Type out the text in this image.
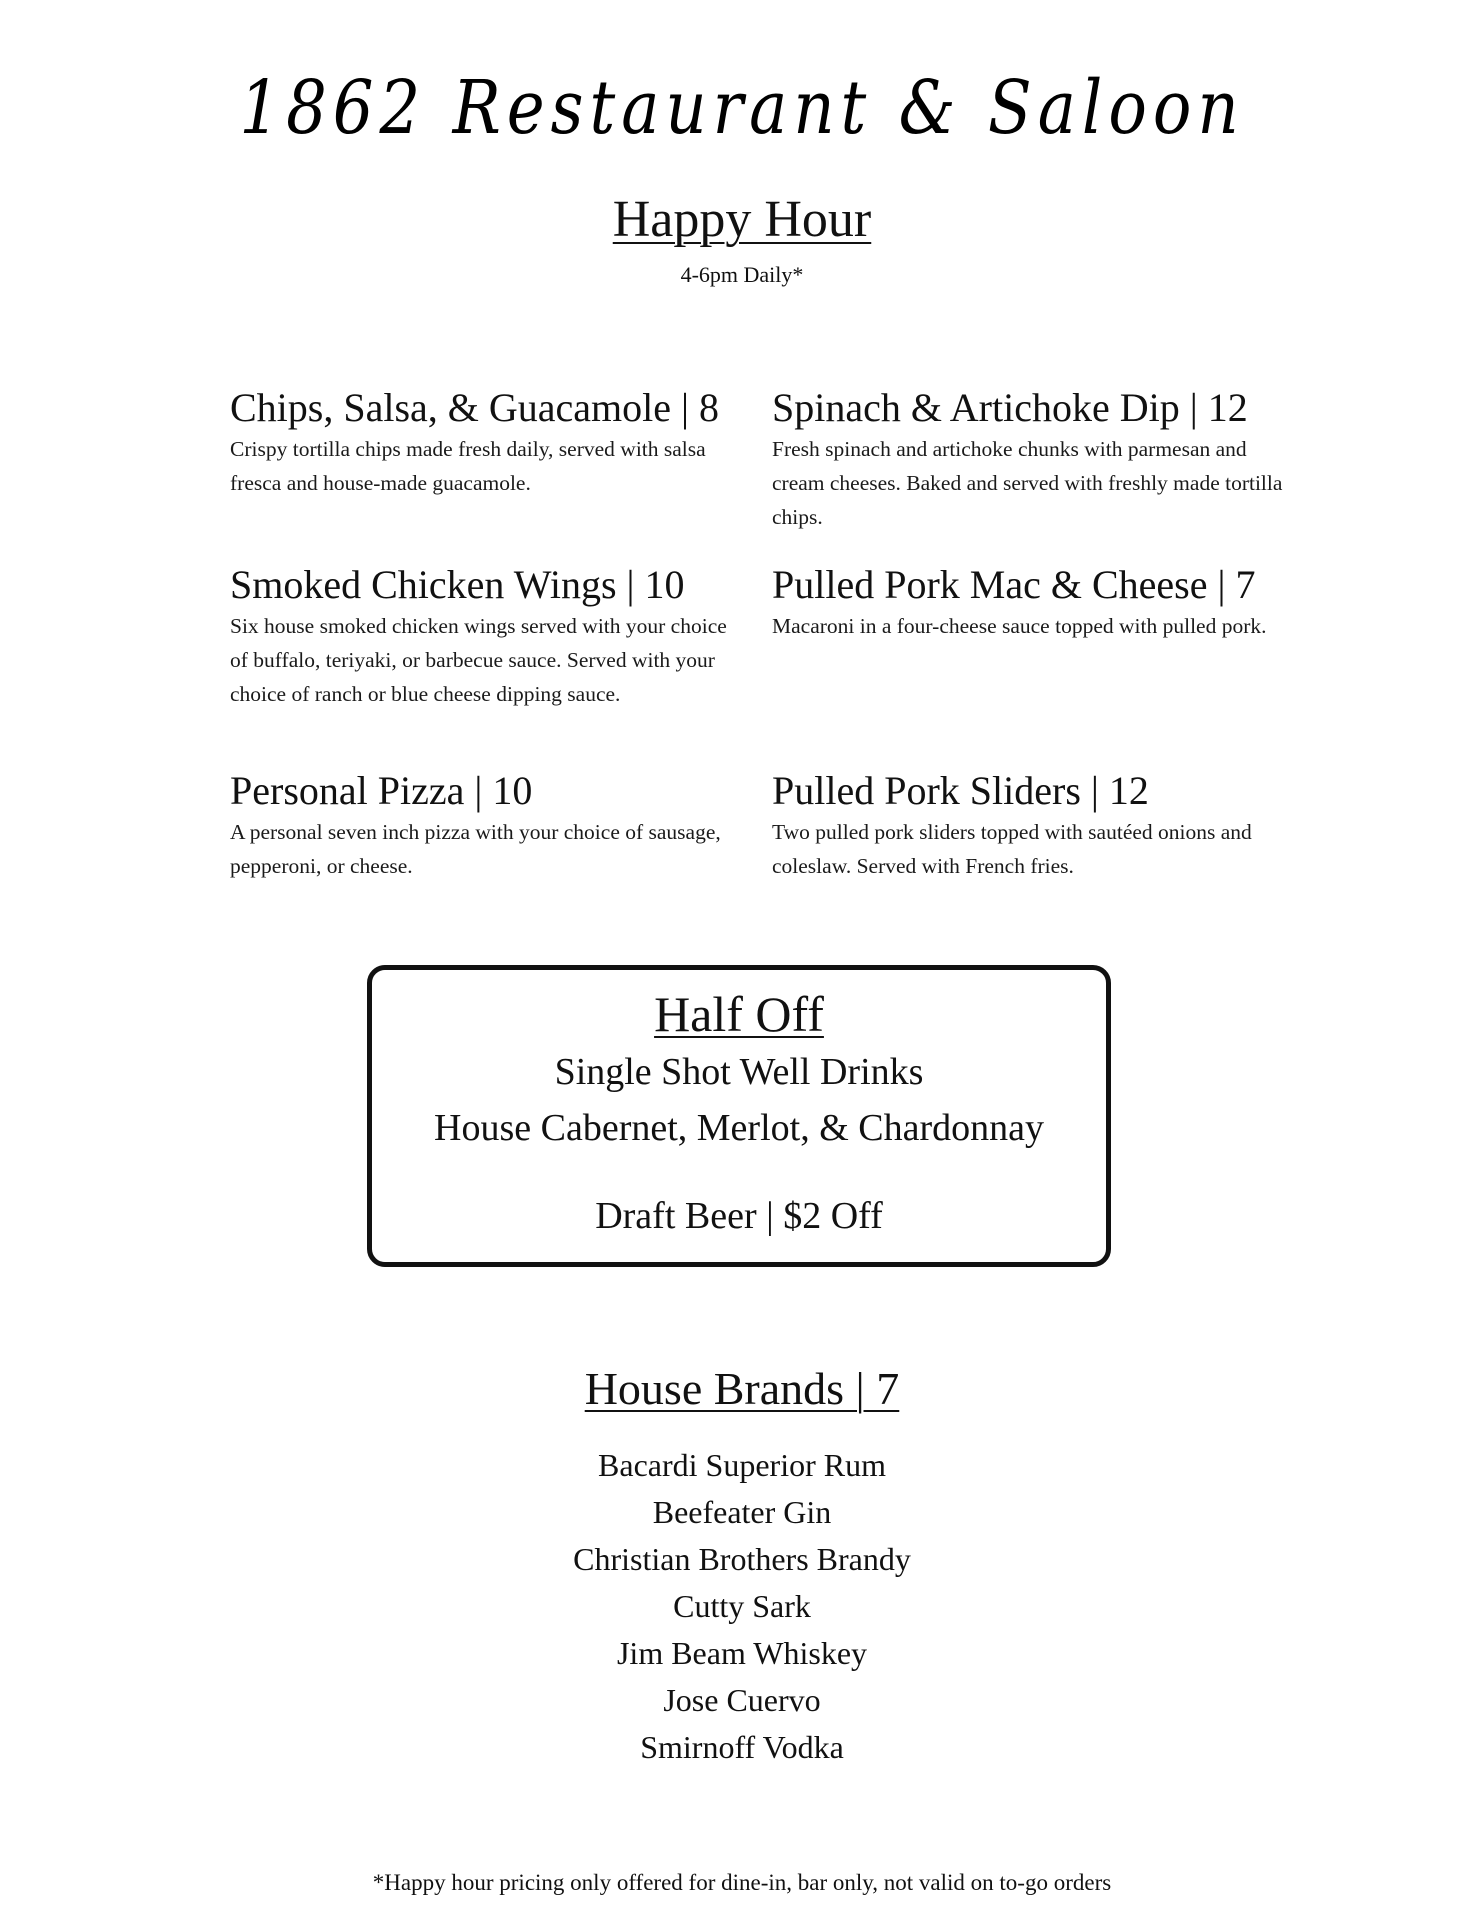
1862 Restaurant & Saloon
Happy Hour
4-6pm Daily*
Chips, Salsa, & Guacamole | 8
Crispy tortilla chips made fresh daily, served with salsa fresca and house-made guacamole.
Spinach & Artichoke Dip | 12
Fresh spinach and artichoke chunks with parmesan and cream cheeses. Baked and served with freshly made tortilla chips.
Smoked Chicken Wings | 10
Six house smoked chicken wings served with your choice of buffalo, teriyaki, or barbecue sauce. Served with your choice of ranch or blue cheese dipping sauce.
Pulled Pork Mac & Cheese | 7
Macaroni in a four-cheese sauce topped with pulled pork.
Personal Pizza | 10
A personal seven inch pizza with your choice of sausage, pepperoni, or cheese.
Pulled Pork Sliders | 12
Two pulled pork sliders topped with sautéed onions and coleslaw. Served with French fries.
Half Off
Single Shot Well Drinks
House Cabernet, Merlot, & Chardonnay
Draft Beer | $2 Off
House Brands | 7
Bacardi Superior Rum
Beefeater Gin
Christian Brothers Brandy
Cutty Sark
Jim Beam Whiskey
Jose Cuervo
Smirnoff Vodka
*Happy hour pricing only offered for dine-in, bar only, not valid on to-go orders
